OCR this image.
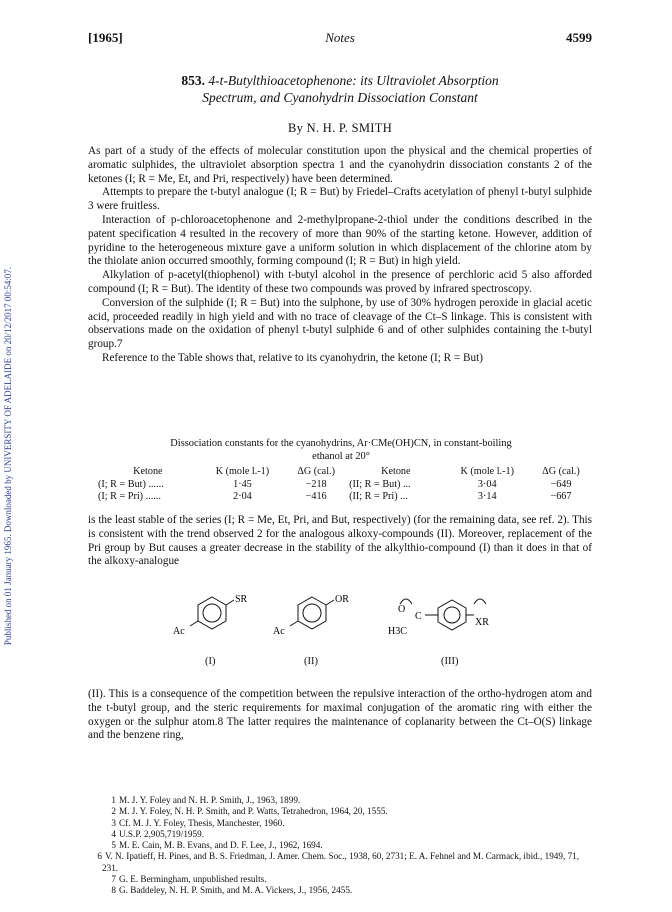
Published on 01 January 1965. Downloaded by UNIVERSITY OF ADELAIDE on 20/12/2017 00:54:07.
[1965]	Notes	4599
853. 4-t-Butylthioacetophenone: its Ultraviolet Absorption
Spectrum, and Cyanohydrin Dissociation Constant
By N. H. P. SMITH

As part of a study of the effects of molecular constitution upon the physical and the chemical properties of aromatic sulphides, the ultraviolet absorption spectra 1 and the cyanohydrin dissociation constants 2 of the ketones (I; R = Me, Et, and Pri, respectively) have been determined.

Attempts to prepare the t-butyl analogue (I; R = But) by Friedel–Crafts acetylation of phenyl t-butyl sulphide 3 were fruitless.

Interaction of p-chloroacetophenone and 2-methylpropane-2-thiol under the conditions described in the patent specification 4 resulted in the recovery of more than 90% of the starting ketone. However, addition of pyridine to the heterogeneous mixture gave a uniform solution in which displacement of the chlorine atom by the thiolate anion occurred smoothly, forming compound (I; R = But) in high yield.

Alkylation of p-acetyl(thiophenol) with t-butyl alcohol in the presence of perchloric acid 5 also afforded compound (I; R = But). The identity of these two compounds was proved by infrared spectroscopy.

Conversion of the sulphide (I; R = But) into the sulphone, by use of 30% hydrogen peroxide in glacial acetic acid, proceeded readily in high yield and with no trace of cleavage of the Ct–S linkage. This is consistent with observations made on the oxidation of phenyl t-butyl sulphide 6 and of other sulphides containing the t-butyl group.7

Reference to the Table shows that, relative to its cyanohydrin, the ketone (I; R = But)

Dissociation constants for the cyanohydrins, Ar·CMe(OH)CN, in constant-boiling
ethanol at 20°
Ketone	K (mole l.-1)	ΔG (cal.)	Ketone	K (mole l.-1)	ΔG (cal.)
(I; R = But) ......	1·45	−218	(II; R = But) ...	3·04	−649
(I; R = Pri) ......	2·04	−416	(II; R = Pri) ...	3·14	−667

is the least stable of the series (I; R = Me, Et, Pri, and But, respectively) (for the remaining data, see ref. 2). This is consistent with the trend observed 2 for the analogous alkoxy-compounds (II). Moreover, replacement of the Pri group by But causes a greater decrease in the stability of the alkylthio-compound (I) than it does in that of the alkoxy-analogue

SR
Ac
OR
Ac
O
C
H3C
XR
(I)	(II)	(III)

(II). This is a consequence of the competition between the repulsive interaction of the ortho-hydrogen atom and the t-butyl group, and the steric requirements for maximal conjugation of the aromatic ring with either the oxygen or the sulphur atom.8 The latter requires the maintenance of coplanarity between the Ct–O(S) linkage and the benzene ring,

1 M. J. Y. Foley and N. H. P. Smith, J., 1963, 1899.

2 M. J. Y. Foley, N. H. P. Smith, and P. Watts, Tetrahedron, 1964, 20, 1555.

3 Cf. M. J. Y. Foley, Thesis, Manchester, 1960.

4 U.S.P. 2,905,719/1959.

5 M. E. Cain, M. B. Evans, and D. F. Lee, J., 1962, 1694.

6 V. N. Ipatieff, H. Pines, and B. S. Friedman, J. Amer. Chem. Soc., 1938, 60, 2731; E. A. Fehnel and M. Carmack, ibid., 1949, 71, 231.

7 G. E. Bermingham, unpublished results.

8 G. Baddeley, N. H. P. Smith, and M. A. Vickers, J., 1956, 2455.
